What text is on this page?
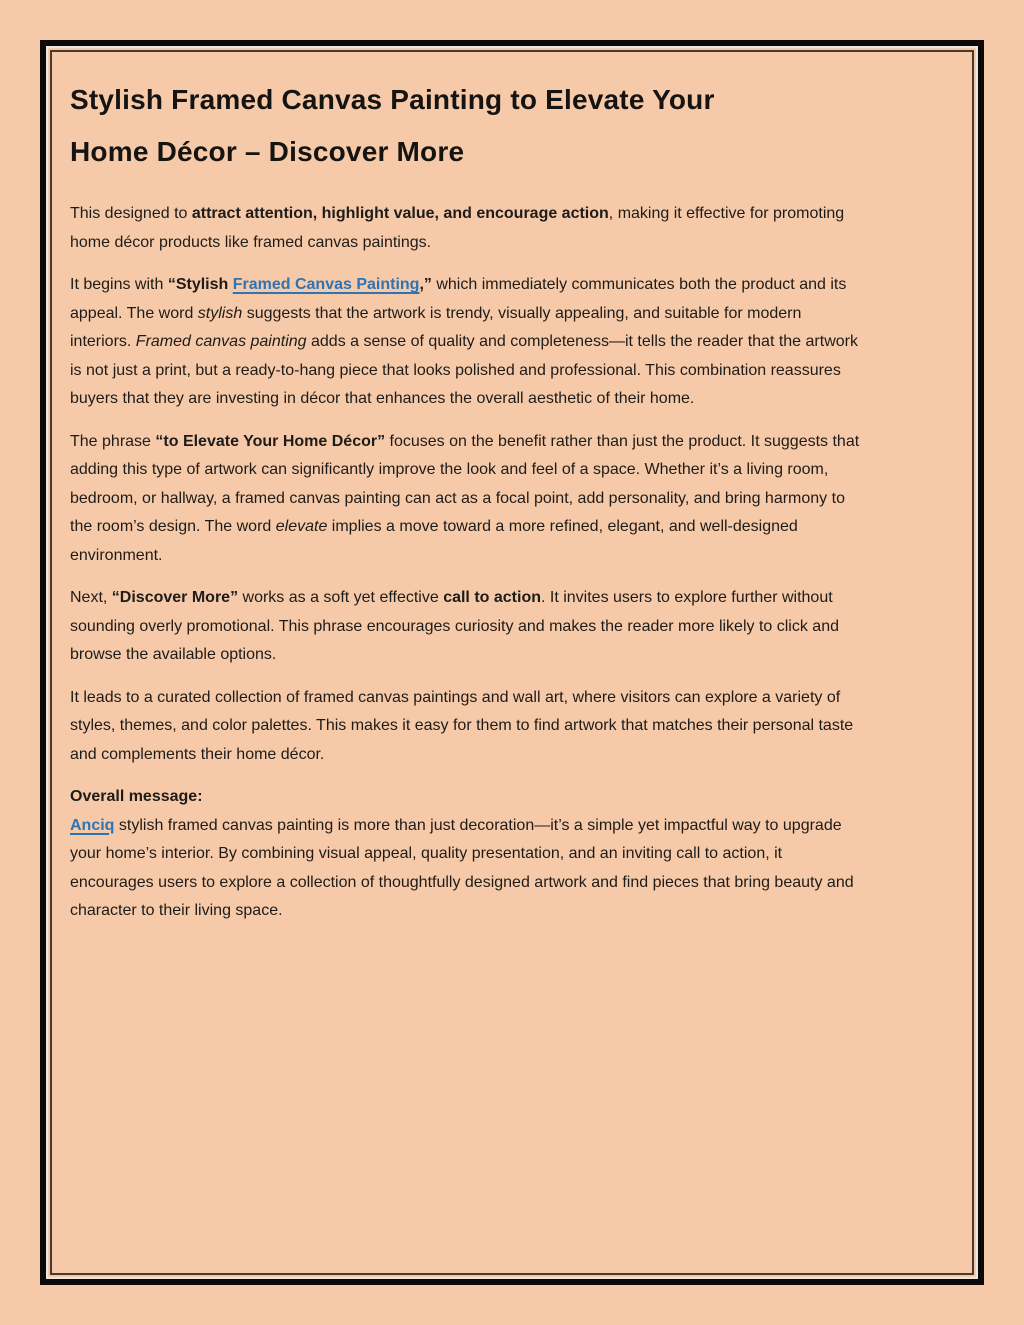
Stylish Framed Canvas Painting to Elevate Your
Home Décor – Discover More

This designed to attract attention, highlight value, and encourage action, making it effective for promoting home décor products like framed canvas paintings.

It begins with “Stylish Framed Canvas Painting,” which immediately communicates both the product and its appeal. The word stylish suggests that the artwork is trendy, visually appealing, and suitable for modern interiors. Framed canvas painting adds a sense of quality and completeness—it tells the reader that the artwork is not just a print, but a ready-to-hang piece that looks polished and professional. This combination reassures buyers that they are investing in décor that enhances the overall aesthetic of their home.

The phrase “to Elevate Your Home Décor” focuses on the benefit rather than just the product. It suggests that adding this type of artwork can significantly improve the look and feel of a space. Whether it’s a living room, bedroom, or hallway, a framed canvas painting can act as a focal point, add personality, and bring harmony to the room’s design. The word elevate implies a move toward a more refined, elegant, and well-designed environment.

Next, “Discover More” works as a soft yet effective call to action. It invites users to explore further without sounding overly promotional. This phrase encourages curiosity and makes the reader more likely to click and browse the available options.

It leads to a curated collection of framed canvas paintings and wall art, where visitors can explore a variety of styles, themes, and color palettes. This makes it easy for them to find artwork that matches their personal taste and complements their home décor.

Overall message:
Anciq stylish framed canvas painting is more than just decoration—it’s a simple yet impactful way to upgrade your home’s interior. By combining visual appeal, quality presentation, and an inviting call to action, it encourages users to explore a collection of thoughtfully designed artwork and find pieces that bring beauty and character to their living space.
